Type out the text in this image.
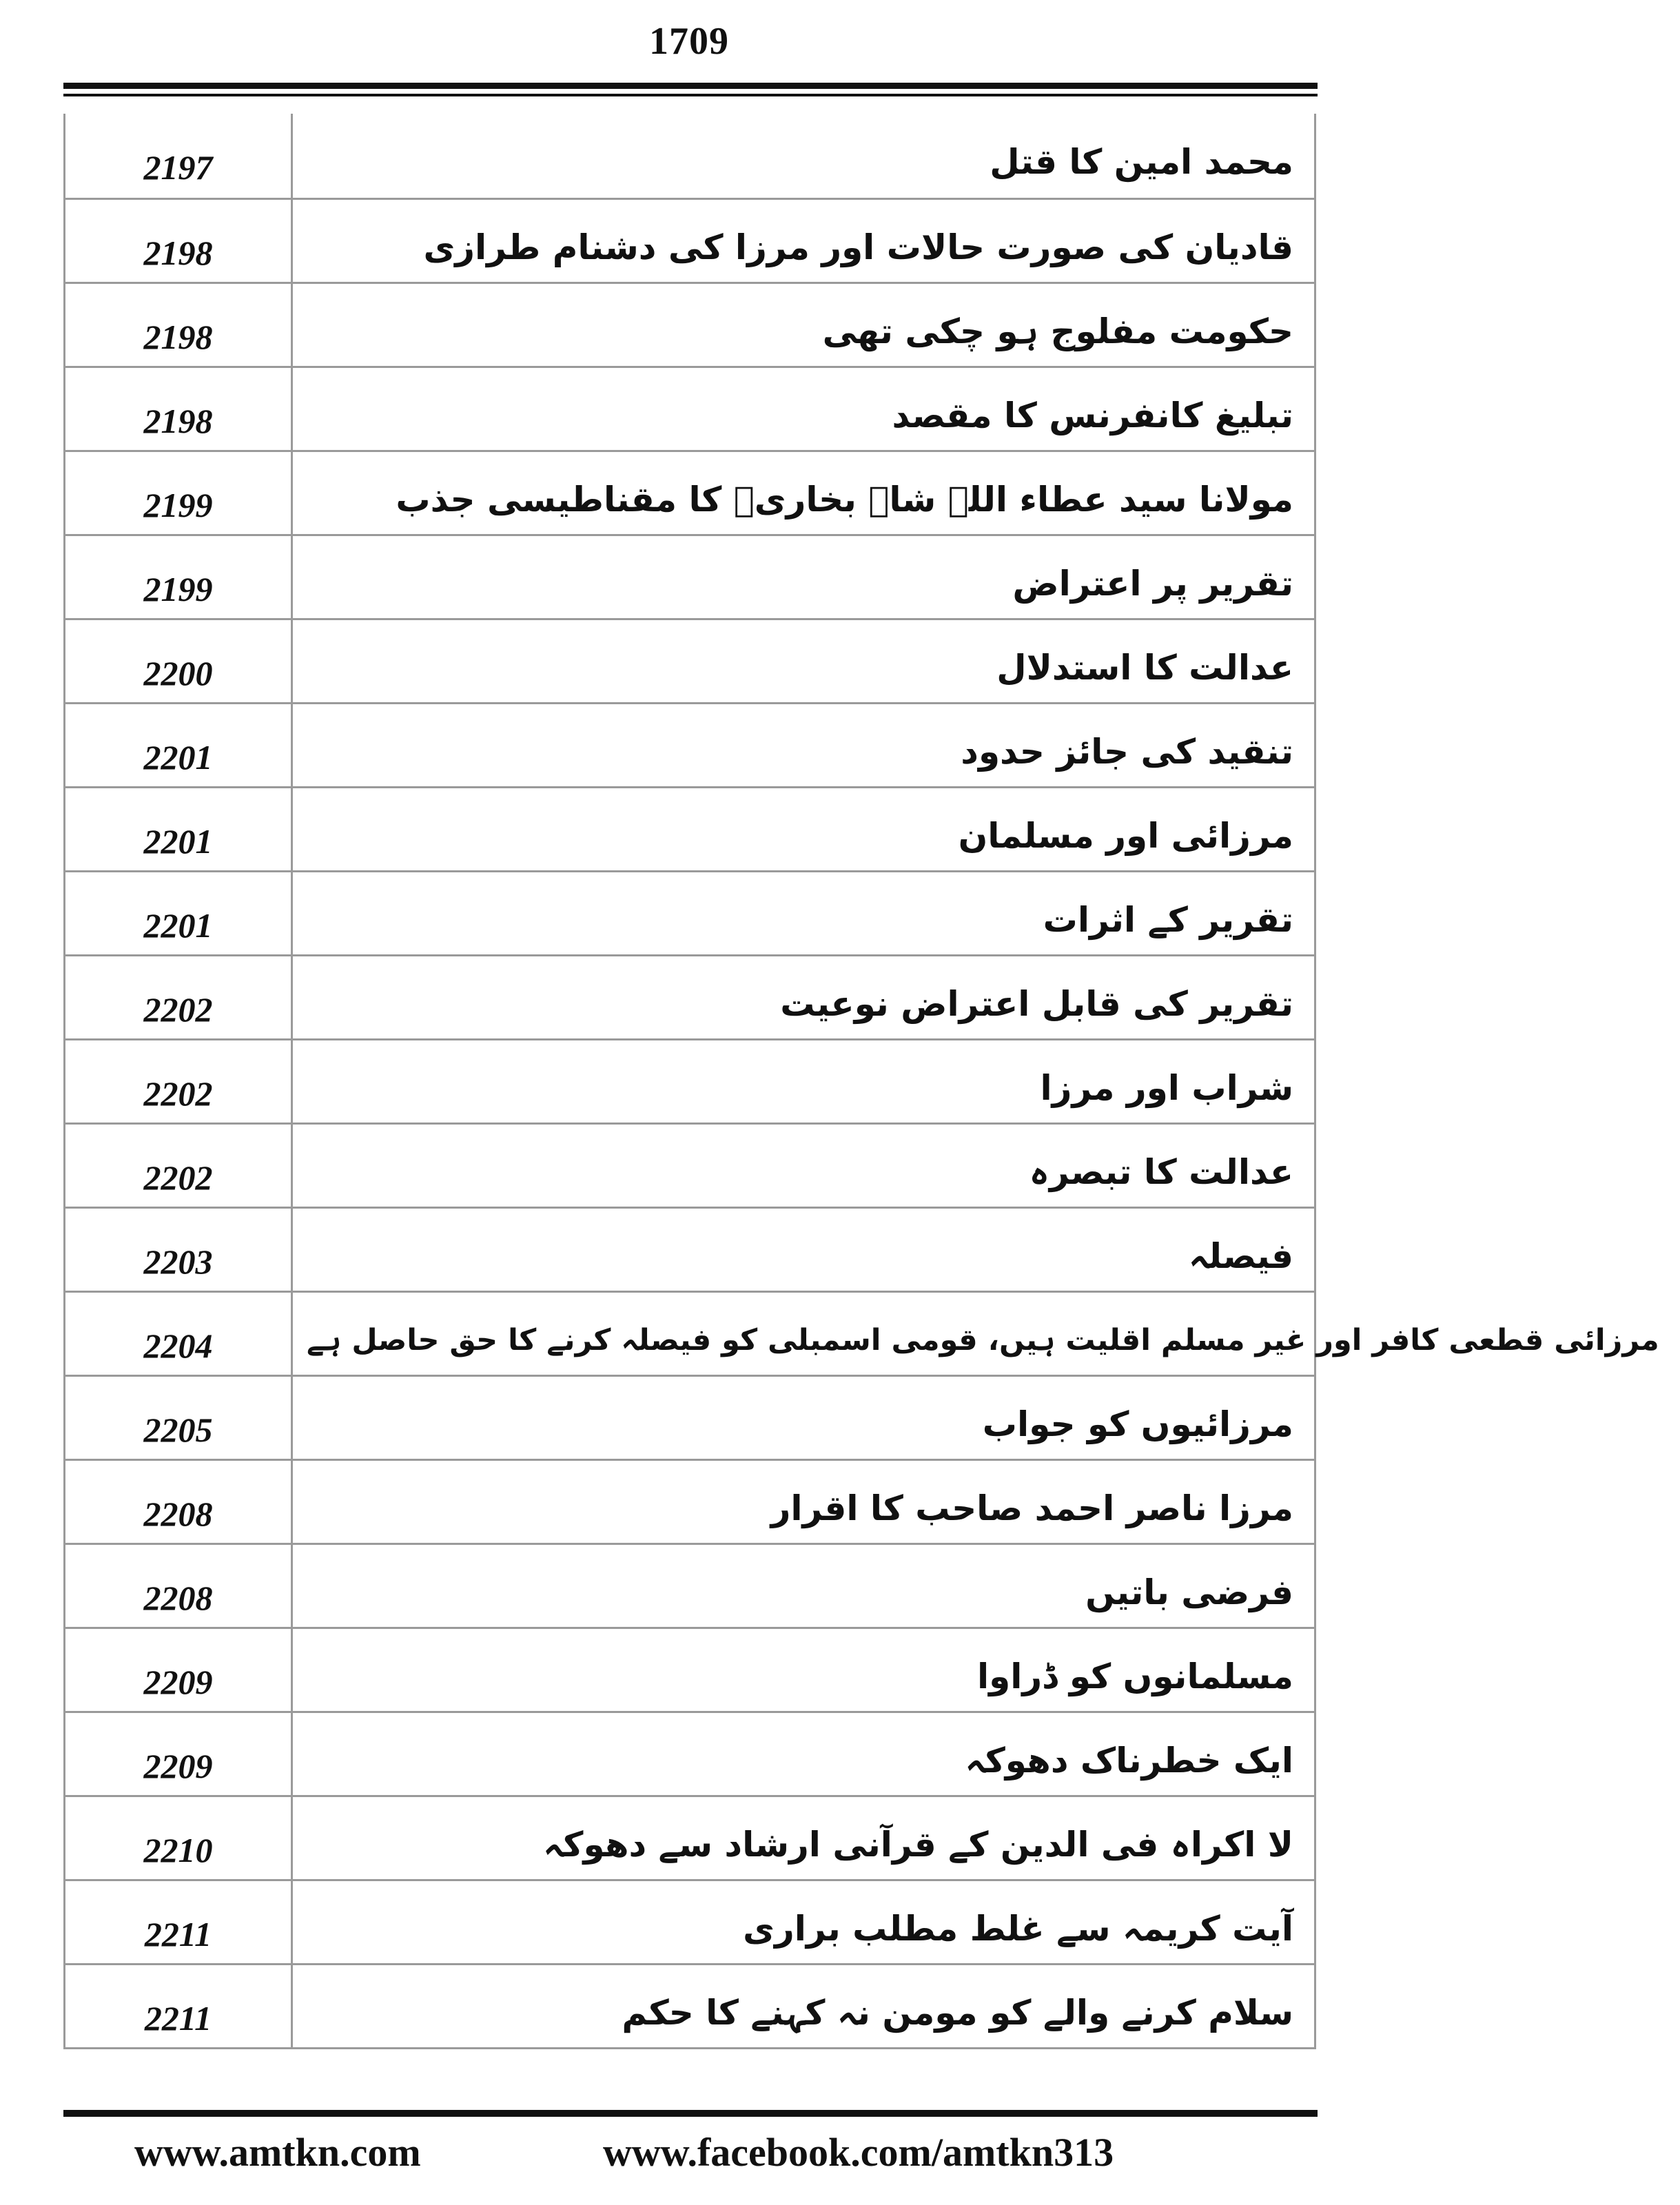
1709
2197	محمد امین کا قتل
2198	قادیان کی صورت حالات اور مرزا کی دشنام طرازی
2198	حکومت مفلوج ہو چکی تھی
2198	تبلیغ کانفرنس کا مقصد
2199	مولانا سید عطاء اللہ شاہ بخاریؒ کا مقناطیسی جذب
2199	تقریر پر اعتراض
2200	عدالت کا استدلال
2201	تنقید کی جائز حدود
2201	مرزائی اور مسلمان
2201	تقریر کے اثرات
2202	تقریر کی قابل اعتراض نوعیت
2202	شراب اور مرزا
2202	عدالت کا تبصرہ
2203	فیصلہ
2204	مرزائی قطعی کافر اور غیر مسلم اقلیت ہیں، قومی اسمبلی کو فیصلہ کرنے کا حق حاصل ہے
2205	مرزائیوں کو جواب
2208	مرزا ناصر احمد صاحب کا اقرار
2208	فرضی باتیں
2209	مسلمانوں کو ڈراوا
2209	ایک خطرناک دھوکہ
2210	لا اکراہ فی الدین کے قرآنی ارشاد سے دھوکہ
2211	آیت کریمہ سے غلط مطلب براری
2211	سلام کرنے والے کو مومن نہ کہنے کا حکم
www.amtkn.com	www.facebook.com/amtkn313
